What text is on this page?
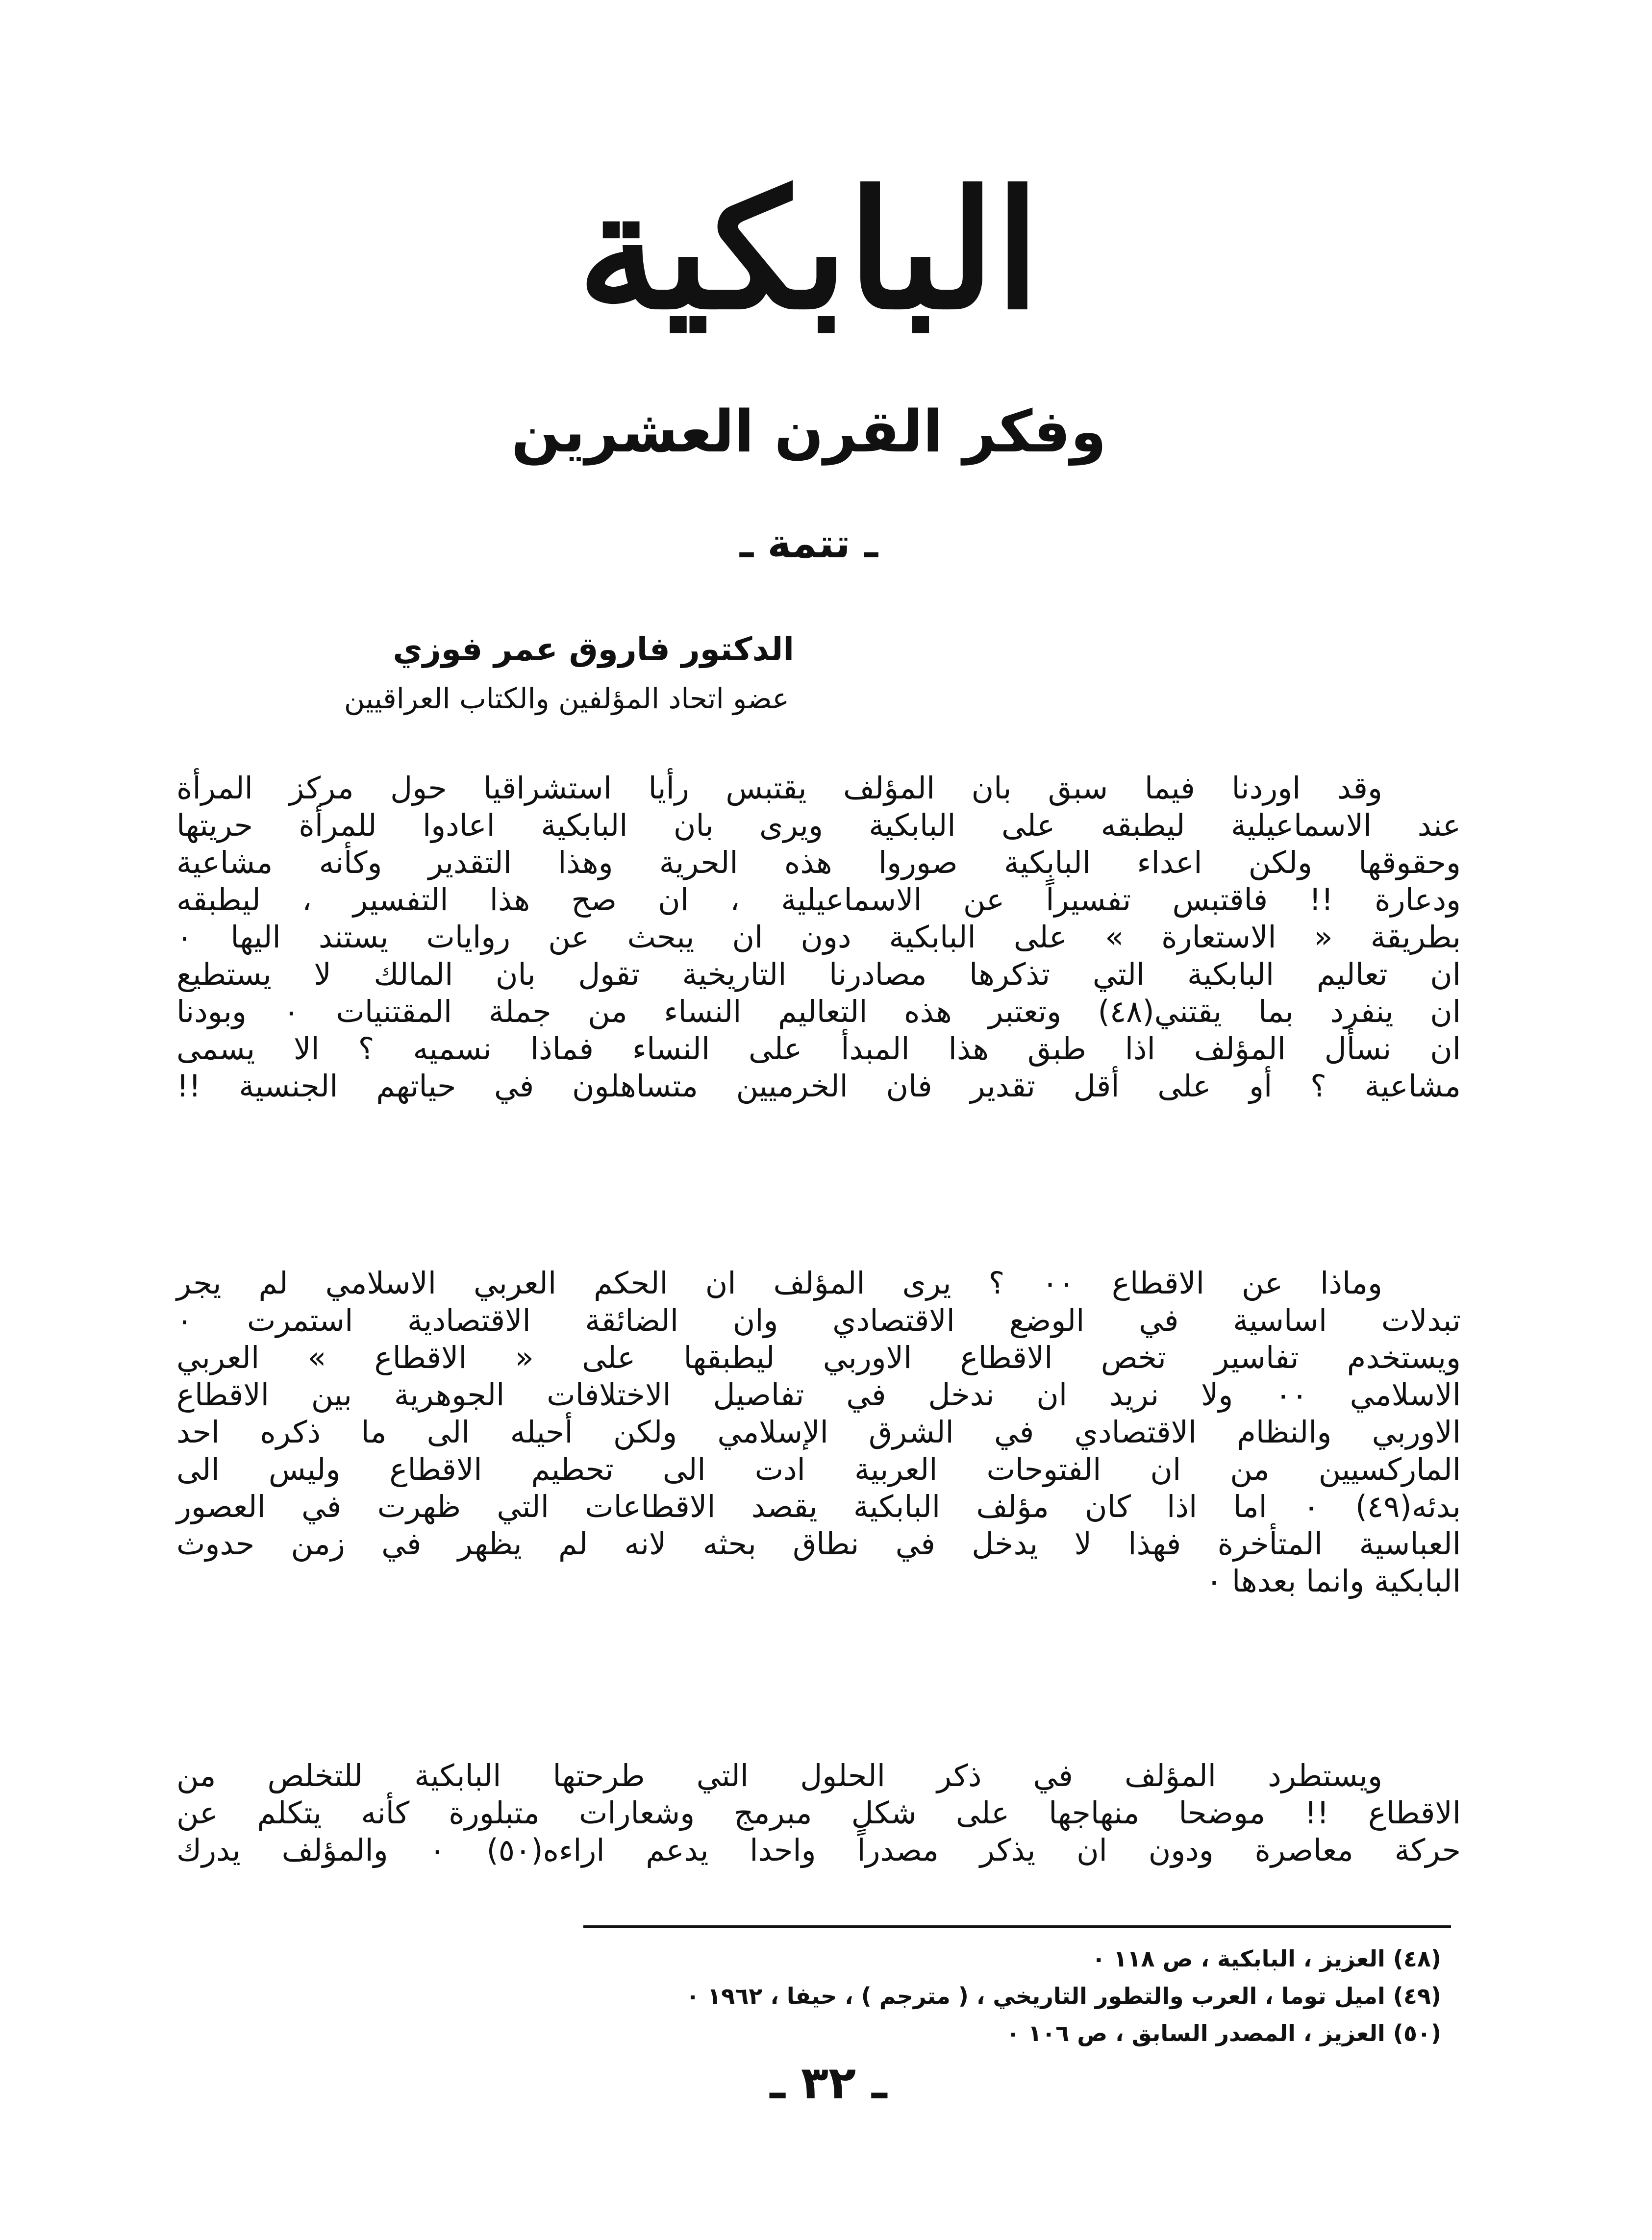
البابكية
وفكر القرن العشرين
ـ تتمة ـ
الدكتور فاروق عمر فوزي
عضو اتحاد المؤلفين والكتاب العراقيين
وقد اوردنا فيما سبق بان المؤلف يقتبس رأيا استشراقيا حول مركز المرأة
عند الاسماعيلية ليطبقه على البابكية ويرى بان البابكية اعادوا للمرأة حريتها
وحقوقها ولكن اعداء البابكية صوروا هذه الحرية وهذا التقدير وكأنه مشاعية
ودعارة !! فاقتبس تفسيراً عن الاسماعيلية ، ان صح هذا التفسير ، ليطبقه
بطريقة « الاستعارة » على البابكية دون ان يبحث عن روايات يستند اليها ٠
ان تعاليم البابكية التي تذكرها مصادرنا التاريخية تقول بان المالك لا يستطيع
ان ينفرد بما يقتني(٤٨) وتعتبر هذه التعاليم النساء من جملة المقتنيات ٠ وبودنا
ان نسأل المؤلف اذا طبق هذا المبدأ على النساء فماذا نسميه ؟ الا يسمى
مشاعية ؟ أو على أقل تقدير فان الخرميين متساهلون في حياتهم الجنسية !!
وماذا عن الاقطاع ٠٠ ؟ يرى المؤلف ان الحكم العربي الاسلامي لم يجر
تبدلات اساسية في الوضع الاقتصادي وان الضائقة الاقتصادية استمرت ٠
ويستخدم تفاسير تخص الاقطاع الاوربي ليطبقها على « الاقطاع » العربي
الاسلامي ٠٠ ولا نريد ان ندخل في تفاصيل الاختلافات الجوهرية بين الاقطاع
الاوربي والنظام الاقتصادي في الشرق الإسلامي ولكن أحيله الى ما ذكره احد
الماركسيين من ان الفتوحات العربية ادت الى تحطيم الاقطاع وليس الى
بدئه(٤٩) ٠ اما اذا كان مؤلف البابكية يقصد الاقطاعات التي ظهرت في العصور
العباسية المتأخرة فهذا لا يدخل في نطاق بحثه لانه لم يظهر في زمن حدوث
البابكية وانما بعدها ٠
ويستطرد المؤلف في ذكر الحلول التي طرحتها البابكية للتخلص من
الاقطاع !! موضحا منهاجها على شكل مبرمج وشعارات متبلورة كأنه يتكلم عن
حركة معاصرة ودون ان يذكر مصدراً واحدا يدعم اراءه(٥٠) ٠ والمؤلف يدرك
(٤٨) العزيز ، البابكية ، ص ١١٨ ٠
(٤٩) اميل توما ، العرب والتطور التاريخي ، ( مترجم ) ، حيفا ، ١٩٦٢ ٠
(٥٠) العزيز ، المصدر السابق ، ص ١٠٦ ٠
ـ ٣٢ ـ
